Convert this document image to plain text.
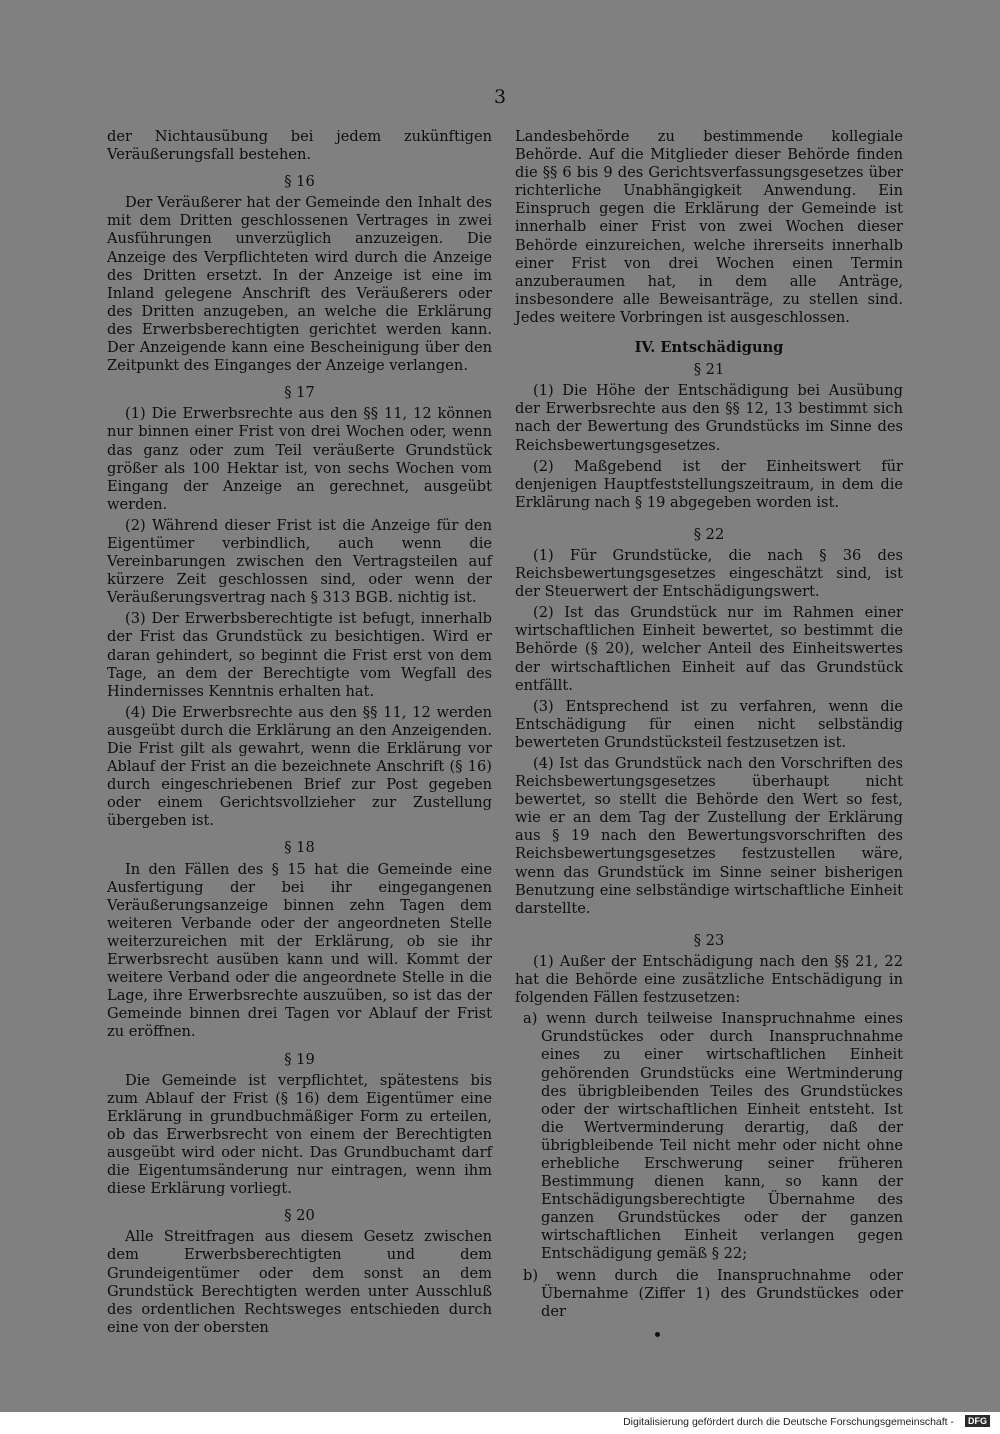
3

der Nichtausübung bei jedem zukünftigen Veräußerungsfall bestehen.

§ 16

Der Veräußerer hat der Gemeinde den Inhalt des mit dem Dritten geschlossenen Vertrages in zwei Ausführungen unverzüglich anzuzeigen. Die Anzeige des Verpflichteten wird durch die Anzeige des Dritten ersetzt. In der Anzeige ist eine im Inland gelegene Anschrift des Veräußerers oder des Dritten anzugeben, an welche die Erklärung des Erwerbsberechtigten gerichtet werden kann. Der Anzeigende kann eine Bescheinigung über den Zeitpunkt des Einganges der Anzeige verlangen.

§ 17

(1) Die Erwerbsrechte aus den §§ 11, 12 können nur binnen einer Frist von drei Wochen oder, wenn das ganz oder zum Teil veräußerte Grundstück größer als 100 Hektar ist, von sechs Wochen vom Eingang der Anzeige an gerechnet, ausgeübt werden.

(2) Während dieser Frist ist die Anzeige für den Eigentümer verbindlich, auch wenn die Vereinbarungen zwischen den Vertragsteilen auf kürzere Zeit geschlossen sind, oder wenn der Veräußerungsvertrag nach § 313 BGB. nichtig ist.

(3) Der Erwerbsberechtigte ist befugt, innerhalb der Frist das Grundstück zu besichtigen. Wird er daran gehindert, so beginnt die Frist erst von dem Tage, an dem der Berechtigte vom Wegfall des Hindernisses Kenntnis erhalten hat.

(4) Die Erwerbsrechte aus den §§ 11, 12 werden ausgeübt durch die Erklärung an den Anzeigenden. Die Frist gilt als gewahrt, wenn die Erklärung vor Ablauf der Frist an die bezeichnete Anschrift (§ 16) durch eingeschriebenen Brief zur Post gegeben oder einem Gerichtsvollzieher zur Zustellung übergeben ist.

§ 18

In den Fällen des § 15 hat die Gemeinde eine Ausfertigung der bei ihr eingegangenen Veräußerungsanzeige binnen zehn Tagen dem weiteren Verbande oder der angeordneten Stelle weiterzureichen mit der Erklärung, ob sie ihr Erwerbsrecht ausüben kann und will. Kommt der weitere Verband oder die angeordnete Stelle in die Lage, ihre Erwerbsrechte auszuüben, so ist das der Gemeinde binnen drei Tagen vor Ablauf der Frist zu eröffnen.

§ 19

Die Gemeinde ist verpflichtet, spätestens bis zum Ablauf der Frist (§ 16) dem Eigentümer eine Erklärung in grundbuchmäßiger Form zu erteilen, ob das Erwerbsrecht von einem der Berechtigten ausgeübt wird oder nicht. Das Grundbuchamt darf die Eigentumsänderung nur eintragen, wenn ihm diese Erklärung vorliegt.

§ 20

Alle Streitfragen aus diesem Gesetz zwischen dem Erwerbsberechtigten und dem Grundeigentümer oder dem sonst an dem Grundstück Berechtigten werden unter Ausschluß des ordentlichen Rechtsweges entschieden durch eine von der obersten

Landesbehörde zu bestimmende kollegiale Behörde. Auf die Mitglieder dieser Behörde finden die §§ 6 bis 9 des Gerichtsverfassungsgesetzes über richterliche Unabhängigkeit Anwendung. Ein Einspruch gegen die Erklärung der Gemeinde ist innerhalb einer Frist von zwei Wochen dieser Behörde einzureichen, welche ihrerseits innerhalb einer Frist von drei Wochen einen Termin anzuberaumen hat, in dem alle Anträge, insbesondere alle Beweisanträge, zu stellen sind. Jedes weitere Vorbringen ist ausgeschlossen.

IV. Entschädigung
§ 21

(1) Die Höhe der Entschädigung bei Ausübung der Erwerbsrechte aus den §§ 12, 13 bestimmt sich nach der Bewertung des Grundstücks im Sinne des Reichsbewertungsgesetzes.

(2) Maßgebend ist der Einheitswert für denjenigen Hauptfeststellungszeitraum, in dem die Erklärung nach § 19 abgegeben worden ist.

§ 22

(1) Für Grundstücke, die nach § 36 des Reichsbewertungsgesetzes eingeschätzt sind, ist der Steuerwert der Entschädigungswert.

(2) Ist das Grundstück nur im Rahmen einer wirtschaftlichen Einheit bewertet, so bestimmt die Behörde (§ 20), welcher Anteil des Einheitswertes der wirtschaftlichen Einheit auf das Grundstück entfällt.

(3) Entsprechend ist zu verfahren, wenn die Entschädigung für einen nicht selbständig bewerteten Grundstücksteil festzusetzen ist.

(4) Ist das Grundstück nach den Vorschriften des Reichsbewertungsgesetzes überhaupt nicht bewertet, so stellt die Behörde den Wert so fest, wie er an dem Tag der Zustellung der Erklärung aus § 19 nach den Bewertungsvorschriften des Reichsbewertungsgesetzes festzustellen wäre, wenn das Grundstück im Sinne seiner bisherigen Benutzung eine selbständige wirtschaftliche Einheit darstellte.

§ 23

(1) Außer der Entschädigung nach den §§ 21, 22 hat die Behörde eine zusätzliche Entschädigung in folgenden Fällen festzusetzen:

a) wenn durch teilweise Inanspruchnahme eines Grundstückes oder durch Inanspruchnahme eines zu einer wirtschaftlichen Einheit gehörenden Grundstücks eine Wertminderung des übrigbleibenden Teiles des Grundstückes oder der wirtschaftlichen Einheit entsteht. Ist die Wertverminderung derartig, daß der übrigbleibende Teil nicht mehr oder nicht ohne erhebliche Erschwerung seiner früheren Bestimmung dienen kann, so kann der Entschädigungsberechtigte Übernahme des ganzen Grundstückes oder der ganzen wirtschaftlichen Einheit verlangen gegen Entschädigung gemäß § 22;

b) wenn durch die Inanspruchnahme oder Übernahme (Ziffer 1) des Grundstückes oder der

Digitalisierung gefördert durch die Deutsche Forschungsgemeinschaft -	DFG
